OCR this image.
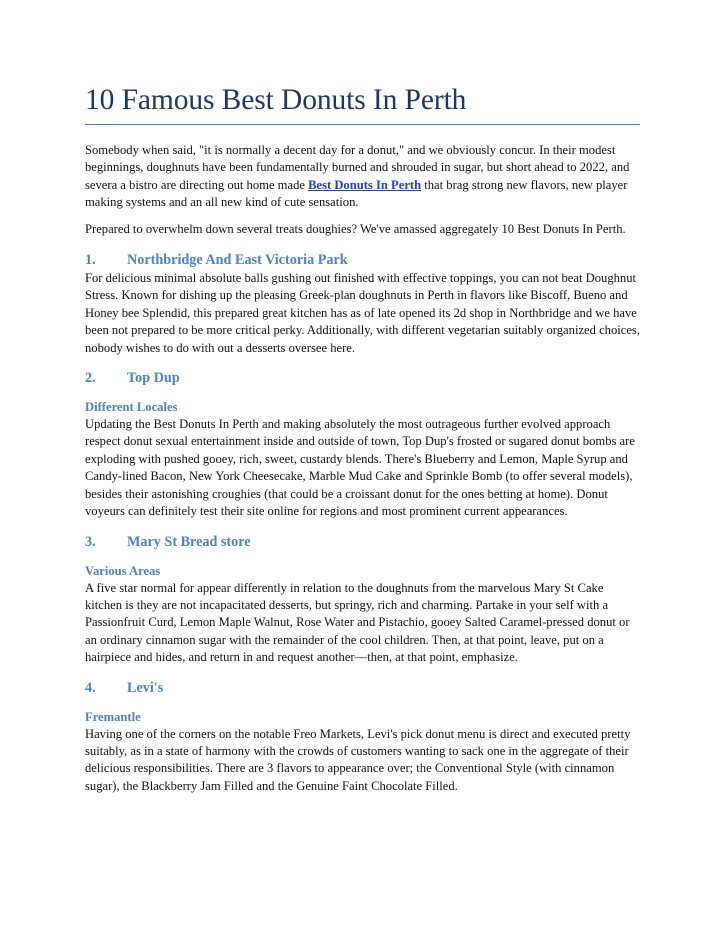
10 Famous Best Donuts In Perth

Somebody when said, "it is normally a decent day for a donut," and we obviously concur. In their modest beginnings, doughnuts have been fundamentally burned and shrouded in sugar, but short ahead to 2022, and severa a bistro are directing out home made Best Donuts In Perth that brag strong new flavors, new player making systems and an all new kind of cute sensation.

Prepared to overwhelm down several treats doughies? We've amassed aggregately 10 Best Donuts In Perth.

1.	Northbridge And East Victoria Park

For delicious minimal absolute balls gushing out finished with effective toppings, you can not beat Doughnut Stress. Known for dishing up the pleasing Greek-plan doughnuts in Perth in flavors like Biscoff, Bueno and Honey bee Splendid, this prepared great kitchen has as of late opened its 2d shop in Northbridge and we have been not prepared to be more critical perky. Additionally, with different vegetarian suitably organized choices, nobody wishes to do with out a desserts oversee here.

2.	Top Dup
Different Locales

Updating the Best Donuts In Perth and making absolutely the most outrageous further evolved approach respect donut sexual entertainment inside and outside of town, Top Dup's frosted or sugared donut bombs are exploding with pushed gooey, rich, sweet, custardy blends. There's Blueberry and Lemon, Maple Syrup and Candy-lined Bacon, New York Cheesecake, Marble Mud Cake and Sprinkle Bomb (to offer several models), besides their astonishing croughies (that could be a croissant donut for the ones betting at home). Donut voyeurs can definitely test their site online for regions and most prominent current appearances.

3.	Mary St Bread store
Various Areas

A five star normal for appear differently in relation to the doughnuts from the marvelous Mary St Cake kitchen is they are not incapacitated desserts, but springy, rich and charming. Partake in your self with a Passionfruit Curd, Lemon Maple Walnut, Rose Water and Pistachio, gooey Salted Caramel-pressed donut or an ordinary cinnamon sugar with the remainder of the cool children. Then, at that point, leave, put on a hairpiece and hides, and return in and request another—then, at that point, emphasize.

4.	Levi's
Fremantle

Having one of the corners on the notable Freo Markets, Levi's pick donut menu is direct and executed pretty suitably, as in a state of harmony with the crowds of customers wanting to sack one in the aggregate of their delicious responsibilities. There are 3 flavors to appearance over; the Conventional Style (with cinnamon sugar), the Blackberry Jam Filled and the Genuine Faint Chocolate Filled.
